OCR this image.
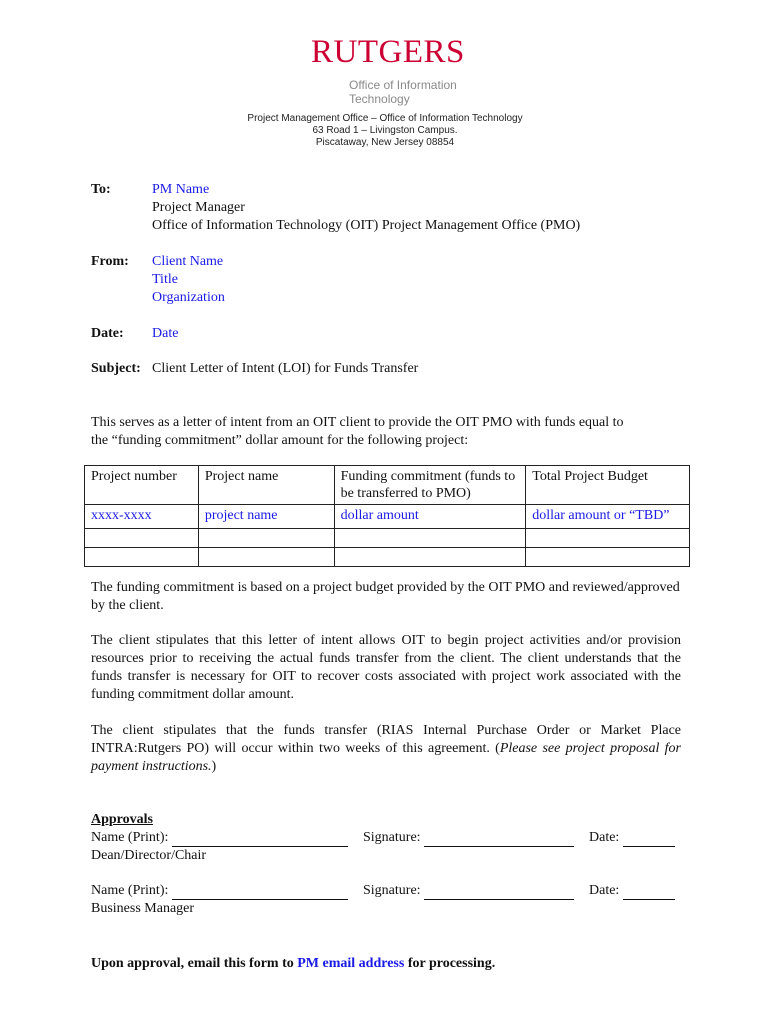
RUTGERS
Office of Information
Technology
Project Management Office – Office of Information Technology
63 Road 1 – Livingston Campus.
Piscataway, New Jersey 08854
To:	PM Name
Project Manager
Office of Information Technology (OIT) Project Management Office (PMO)
From: Client Name
Title
Organization
Date: Date
Subject: Client Letter of Intent (LOI) for Funds Transfer
This serves as a letter of intent from an OIT client to provide the OIT PMO with funds equal to
the “funding commitment” dollar amount for the following project:
Project number	Project name	Funding commitment (funds to be transferred to PMO)	Total Project Budget
xxxx-xxxx	project name	dollar amount	dollar amount or “TBD”

The funding commitment is based on a project budget provided by the OIT PMO and reviewed/approved by the client.
The client stipulates that this letter of intent allows OIT to begin project activities and/or provision resources prior to receiving the actual funds transfer from the client. The client understands that the funds transfer is necessary for OIT to recover costs associated with project work associated with the funding commitment dollar amount.
The client stipulates that the funds transfer (RIAS Internal Purchase Order or Market Place INTRA:Rutgers PO) will occur within two weeks of this agreement. (Please see project proposal for payment instructions.)
Approvals
Name (Print):	Signature:	Date:
Dean/Director/Chair
Name (Print):	Signature:	Date:
Business Manager
Upon approval, email this form to PM email address for processing.
